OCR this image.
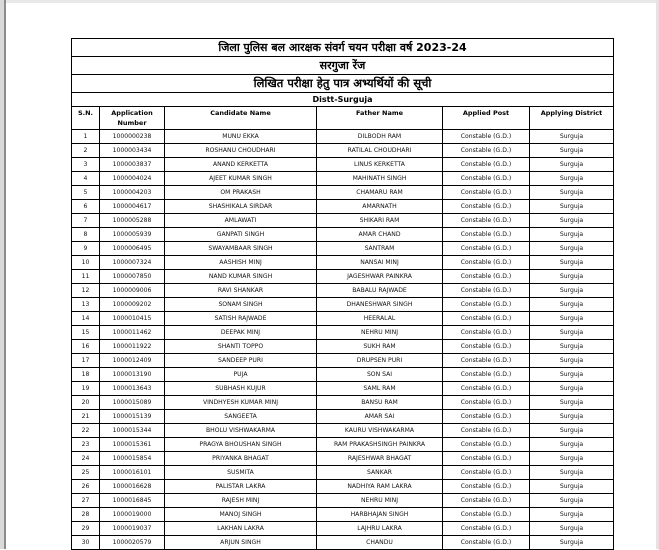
जिला पुलिस बल आरक्षक संवर्ग चयन परीक्षा वर्ष 2023-24					
सरगुजा रेंज					
लिखित परीक्षा हेतु पात्र अभ्यर्थियों की सूची					
Distt-Surguja					
S.N.	Application Number	Candidate Name	Father Name	Applied Post	Applying District
1	1000000238	MUNU EKKA	DILBODH RAM	Constable (G.D.)	Surguja
2	1000003434	ROSHANU CHOUDHARI	RATILAL CHOUDHARI	Constable (G.D.)	Surguja
3	1000003837	ANAND KERKETTA	LINUS KERKETTA	Constable (G.D.)	Surguja
4	1000004024	AJEET KUMAR SINGH	MAHINATH SINGH	Constable (G.D.)	Surguja
5	1000004203	OM PRAKASH	CHAMARU RAM	Constable (G.D.)	Surguja
6	1000004617	SHASHIKALA SIRDAR	AMARNATH	Constable (G.D.)	Surguja
7	1000005288	AMLAWATI	SHIKARI RAM	Constable (G.D.)	Surguja
8	1000005939	GANPATI SINGH	AMAR CHAND	Constable (G.D.)	Surguja
9	1000006495	SWAYAMBAAR SINGH	SANTRAM	Constable (G.D.)	Surguja
10	1000007324	AASHISH MINJ	NANSAI MINJ	Constable (G.D.)	Surguja
11	1000007850	NAND KUMAR SINGH	JAGESHWAR PAINKRA	Constable (G.D.)	Surguja
12	1000009006	RAVI SHANKAR	BABALU RAJWADE	Constable (G.D.)	Surguja
13	1000009202	SONAM SINGH	DHANESHWAR SINGH	Constable (G.D.)	Surguja
14	1000010415	SATISH RAJWADE	HEERALAL	Constable (G.D.)	Surguja
15	1000011462	DEEPAK MINJ	NEHRU MINJ	Constable (G.D.)	Surguja
16	1000011922	SHANTI TOPPO	SUKH RAM	Constable (G.D.)	Surguja
17	1000012409	SANDEEP PURI	DRUPSEN PURI	Constable (G.D.)	Surguja
18	1000013190	PUJA	SON SAI	Constable (G.D.)	Surguja
19	1000013643	SUBHASH KUJUR	SAML RAM	Constable (G.D.)	Surguja
20	1000015089	VINDHYESH KUMAR MINJ	BANSU RAM	Constable (G.D.)	Surguja
21	1000015139	SANGEETA	AMAR SAI	Constable (G.D.)	Surguja
22	1000015344	BHOLU VISHWAKARMA	KAURU VISHWAKARMA	Constable (G.D.)	Surguja
23	1000015361	PRAGYA BHOUSHAN SINGH	RAM PRAKASHSINGH PAINKRA	Constable (G.D.)	Surguja
24	1000015854	PRIYANKA BHAGAT	RAJESHWAR BHAGAT	Constable (G.D.)	Surguja
25	1000016101	SUSMITA	SANKAR	Constable (G.D.)	Surguja
26	1000016628	PALISTAR LAKRA	NADHIYA RAM LAKRA	Constable (G.D.)	Surguja
27	1000016845	RAJESH MINJ	NEHRU MINJ	Constable (G.D.)	Surguja
28	1000019000	MANOJ SINGH	HARBHAJAN SINGH	Constable (G.D.)	Surguja
29	1000019037	LAKHAN LAKRA	LAJHRU LAKRA	Constable (G.D.)	Surguja
30	1000020579	ARJUN SINGH	CHANDU	Constable (G.D.)	Surguja
